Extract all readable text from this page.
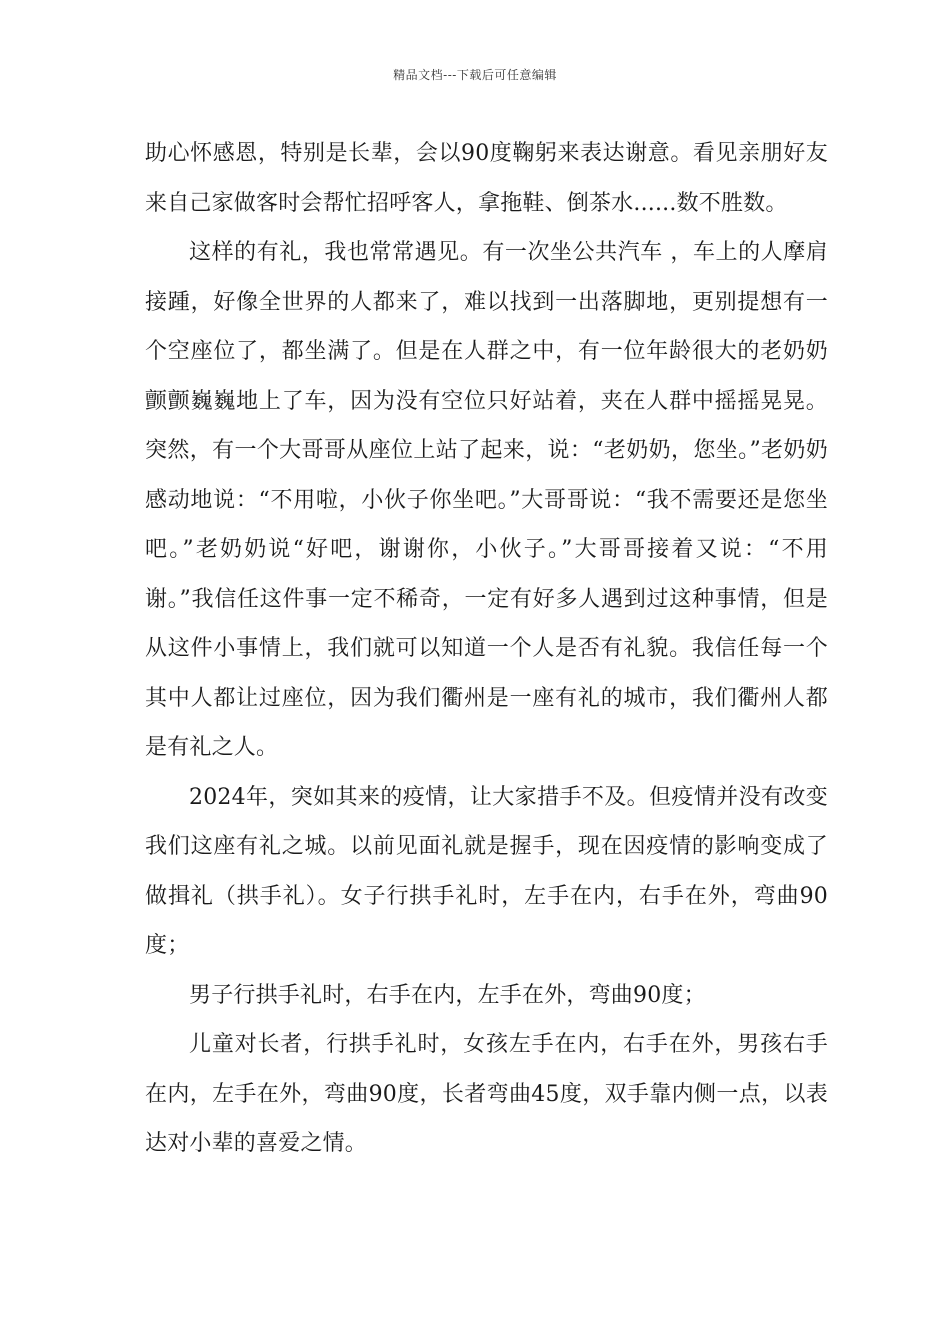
精品文档---下载后可任意编辑

助心怀感恩，特别是长辈，会以90度鞠躬来表达谢意。看见亲朋好友来自己家做客时会帮忙招呼客人，拿拖鞋、倒茶水......数不胜数。

这样的有礼，我也常常遇见。有一次坐公共汽车 ，车上的人摩肩接踵，好像全世界的人都来了，难以找到一出落脚地，更别提想有一个空座位了，都坐满了。但是在人群之中，有一位年龄很大的老奶奶颤颤巍巍地上了车，因为没有空位只好站着，夹在人群中摇摇晃晃。突然，有一个大哥哥从座位上站了起来，说：“老奶奶，您坐。”老奶奶感动地说：“不用啦，小伙子你坐吧。”大哥哥说：“我不需要还是您坐吧。”老奶奶说“好吧，谢谢你，小伙子。”大哥哥接着又说：“不用谢。”我信任这件事一定不稀奇，一定有好多人遇到过这种事情，但是从这件小事情上，我们就可以知道一个人是否有礼貌。我信任每一个其中人都让过座位，因为我们衢州是一座有礼的城市，我们衢州人都是有礼之人。

2024年，突如其来的疫情，让大家措手不及。但疫情并没有改变我们这座有礼之城。以前见面礼就是握手，现在因疫情的影响变成了做揖礼（拱手礼）。女子行拱手礼时，左手在内，右手在外，弯曲90度；

男子行拱手礼时，右手在内，左手在外，弯曲90度；

儿童对长者，行拱手礼时，女孩左手在内，右手在外，男孩右手在内，左手在外，弯曲90度，长者弯曲45度，双手靠内侧一点，以表达对小辈的喜爱之情。
